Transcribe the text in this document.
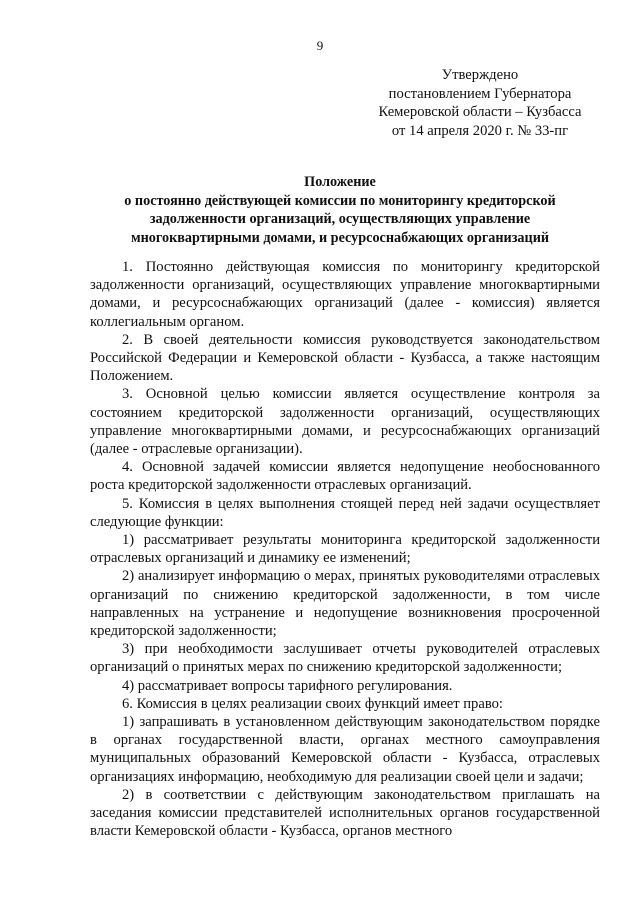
9
Утверждено
постановлением Губернатора
Кемеровской области – Кузбасса
от 14 апреля 2020 г. № 33-пг
Положение
о постоянно действующей комиссии по мониторингу кредиторской
задолженности организаций, осуществляющих управление
многоквартирными домами, и ресурсоснабжающих организаций

1. Постоянно действующая комиссия по мониторингу кредиторской задолженности организаций, осуществляющих управление многоквартирными домами, и ресурсоснабжающих организаций (далее - комиссия) является коллегиальным органом.

2. В своей деятельности комиссия руководствуется законодательством Российской Федерации и Кемеровской области - Кузбасса, а также настоящим Положением.

3. Основной целью комиссии является осуществление контроля за состоянием кредиторской задолженности организаций, осуществляющих управление многоквартирными домами, и ресурсоснабжающих организаций (далее - отраслевые организации).

4. Основной задачей комиссии является недопущение необоснованного роста кредиторской задолженности отраслевых организаций.

5. Комиссия в целях выполнения стоящей перед ней задачи осуществляет следующие функции:

1) рассматривает результаты мониторинга кредиторской задолженности отраслевых организаций и динамику ее изменений;

2) анализирует информацию о мерах, принятых руководителями отраслевых организаций по снижению кредиторской задолженности, в том числе направленных на устранение и недопущение возникновения просроченной кредиторской задолженности;

3) при необходимости заслушивает отчеты руководителей отраслевых организаций о принятых мерах по снижению кредиторской задолженности;

4) рассматривает вопросы тарифного регулирования.

6. Комиссия в целях реализации своих функций имеет право:

1) запрашивать в установленном действующим законодательством порядке в органах государственной власти, органах местного самоуправления муниципальных образований Кемеровской области - Кузбасса, отраслевых организациях информацию, необходимую для реализации своей цели и задачи;

2) в соответствии с действующим законодательством приглашать на заседания комиссии представителей исполнительных органов государственной власти Кемеровской области - Кузбасса, органов местного
